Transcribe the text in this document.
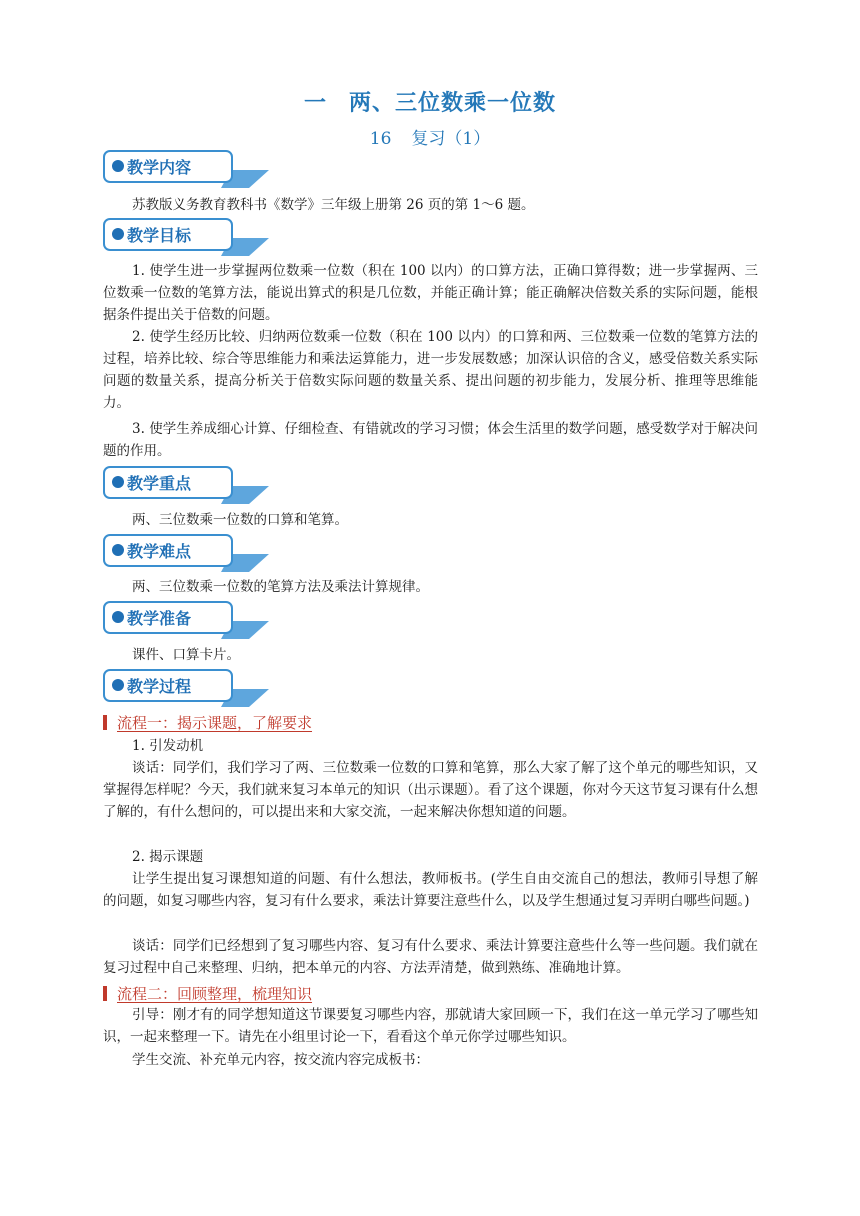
一 两、三位数乘一位数
16 复习（1）
教学内容

苏教版义务教育教科书《数学》三年级上册第 26 页的第 1～6 题。

教学目标

1. 使学生进一步掌握两位数乘一位数（积在 100 以内）的口算方法，正确口算得数；进一步掌握两、三位数乘一位数的笔算方法，能说出算式的积是几位数，并能正确计算；能正确解决倍数关系的实际问题，能根据条件提出关于倍数的问题。

2. 使学生经历比较、归纳两位数乘一位数（积在 100 以内）的口算和两、三位数乘一位数的笔算方法的过程，培养比较、综合等思维能力和乘法运算能力，进一步发展数感；加深认识倍的含义，感受倍数关系实际问题的数量关系，提高分析关于倍数实际问题的数量关系、提出问题的初步能力，发展分析、推理等思维能力。

3. 使学生养成细心计算、仔细检查、有错就改的学习习惯；体会生活里的数学问题，感受数学对于解决问题的作用。

教学重点

两、三位数乘一位数的口算和笔算。

教学难点

两、三位数乘一位数的笔算方法及乘法计算规律。

教学准备

课件、口算卡片。

教学过程
流程一：揭示课题，了解要求

1. 引发动机

谈话：同学们，我们学习了两、三位数乘一位数的口算和笔算，那么大家了解了这个单元的哪些知识，又掌握得怎样呢？今天，我们就来复习本单元的知识（出示课题）。看了这个课题，你对今天这节复习课有什么想了解的，有什么想问的，可以提出来和大家交流，一起来解决你想知道的问题。

2. 揭示课题

让学生提出复习课想知道的问题、有什么想法，教师板书。(学生自由交流自己的想法，教师引导想了解的问题，如复习哪些内容，复习有什么要求，乘法计算要注意些什么，以及学生想通过复习弄明白哪些问题。)

谈话：同学们已经想到了复习哪些内容、复习有什么要求、乘法计算要注意些什么等一些问题。我们就在复习过程中自己来整理、归纳，把本单元的内容、方法弄清楚，做到熟练、准确地计算。

流程二：回顾整理，梳理知识

引导：刚才有的同学想知道这节课要复习哪些内容，那就请大家回顾一下，我们在这一单元学习了哪些知识，一起来整理一下。请先在小组里讨论一下，看看这个单元你学过哪些知识。

学生交流、补充单元内容，按交流内容完成板书：
